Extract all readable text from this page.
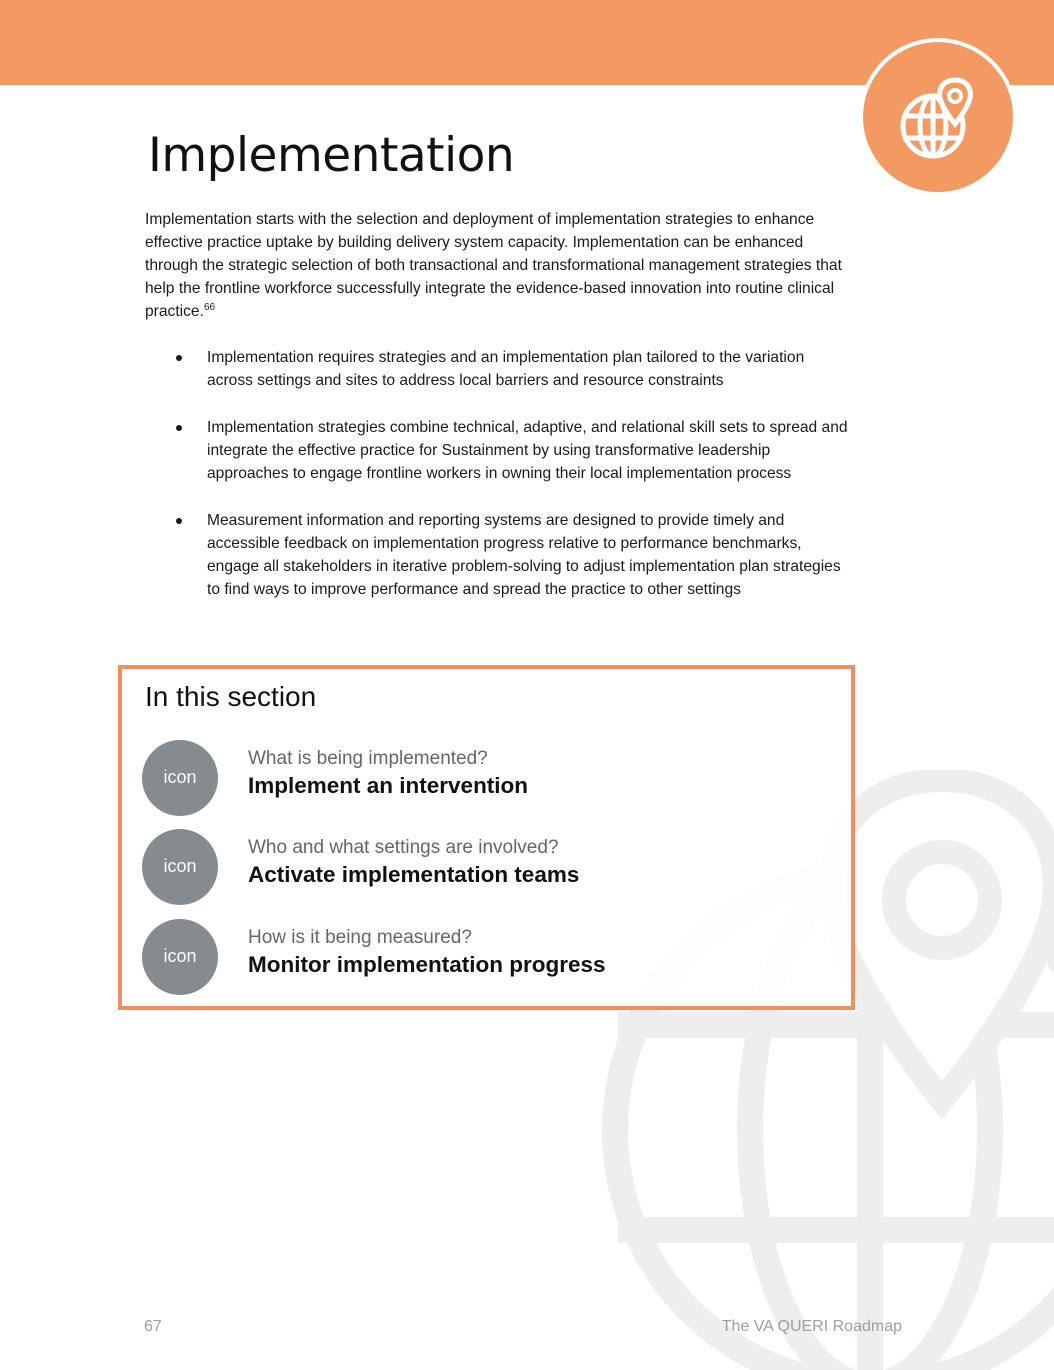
Implementation

Implementation starts with the selection and deployment of implementation strategies to enhance
effective practice uptake by building delivery system capacity. Implementation can be enhanced
through the strategic selection of both transactional and transformational management strategies that
help the frontline workforce successfully integrate the evidence-based innovation into routine clinical
practice.$^{66}$

Implementation requires strategies and an implementation plan tailored to the variation
across settings and sites to address local barriers and resource constraints
Implementation strategies combine technical, adaptive, and relational skill sets to spread and
integrate the effective practice for Sustainment by using transformative leadership
approaches to engage frontline workers in owning their local implementation process
Measurement information and reporting systems are designed to provide timely and
accessible feedback on implementation progress relative to performance benchmarks,
engage all stakeholders in iterative problem-solving to adjust implementation plan strategies
to find ways to improve performance and spread the practice to other settings
In this section
icon
What is being implemented?
Implement an intervention
icon
Who and what settings are involved?
Activate implementation teams
icon
How is it being measured?
Monitor implementation progress
67	The VA QUERI Roadmap
